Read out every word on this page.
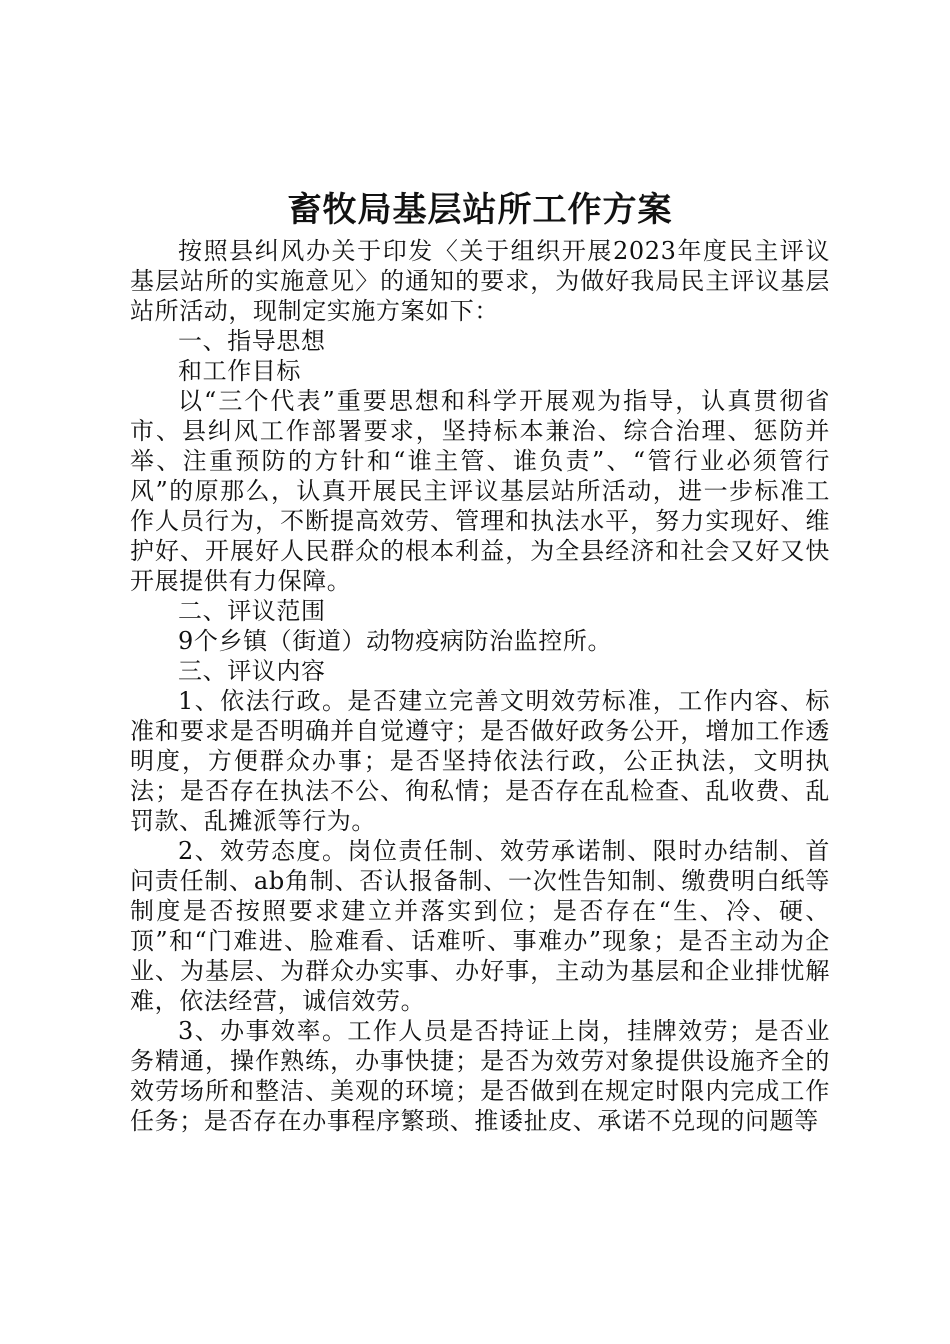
畜牧局基层站所工作方案

按照县纠风办关于印发〈关于组织开展2023年度民主评议基层站所的实施意见〉的通知的要求，为做好我局民主评议基层站所活动，现制定实施方案如下：

一、指导思想

和工作目标

以“三个代表”重要思想和科学开展观为指导，认真贯彻省市、县纠风工作部署要求，坚持标本兼治、综合治理、惩防并举、注重预防的方针和“谁主管、谁负责”、“管行业必须管行风”的原那么，认真开展民主评议基层站所活动，进一步标准工作人员行为，不断提高效劳、管理和执法水平，努力实现好、维护好、开展好人民群众的根本利益，为全县经济和社会又好又快开展提供有力保障。

二、评议范围

9个乡镇（街道）动物疫病防治监控所。

三、评议内容

1、依法行政。是否建立完善文明效劳标准，工作内容、标准和要求是否明确并自觉遵守；是否做好政务公开，增加工作透明度，方便群众办事；是否坚持依法行政，公正执法，文明执法；是否存在执法不公、徇私情；是否存在乱检查、乱收费、乱罚款、乱摊派等行为。

2、效劳态度。岗位责任制、效劳承诺制、限时办结制、首问责任制、ab角制、否认报备制、一次性告知制、缴费明白纸等制度是否按照要求建立并落实到位；是否存在“生、冷、硬、顶”和“门难进、脸难看、话难听、事难办”现象；是否主动为企业、为基层、为群众办实事、办好事，主动为基层和企业排忧解难，依法经营，诚信效劳。

3、办事效率。工作人员是否持证上岗，挂牌效劳；是否业务精通，操作熟练，办事快捷；是否为效劳对象提供设施齐全的效劳场所和整洁、美观的环境；是否做到在规定时限内完成工作任务；是否存在办事程序繁琐、推诿扯皮、承诺不兑现的问题等
